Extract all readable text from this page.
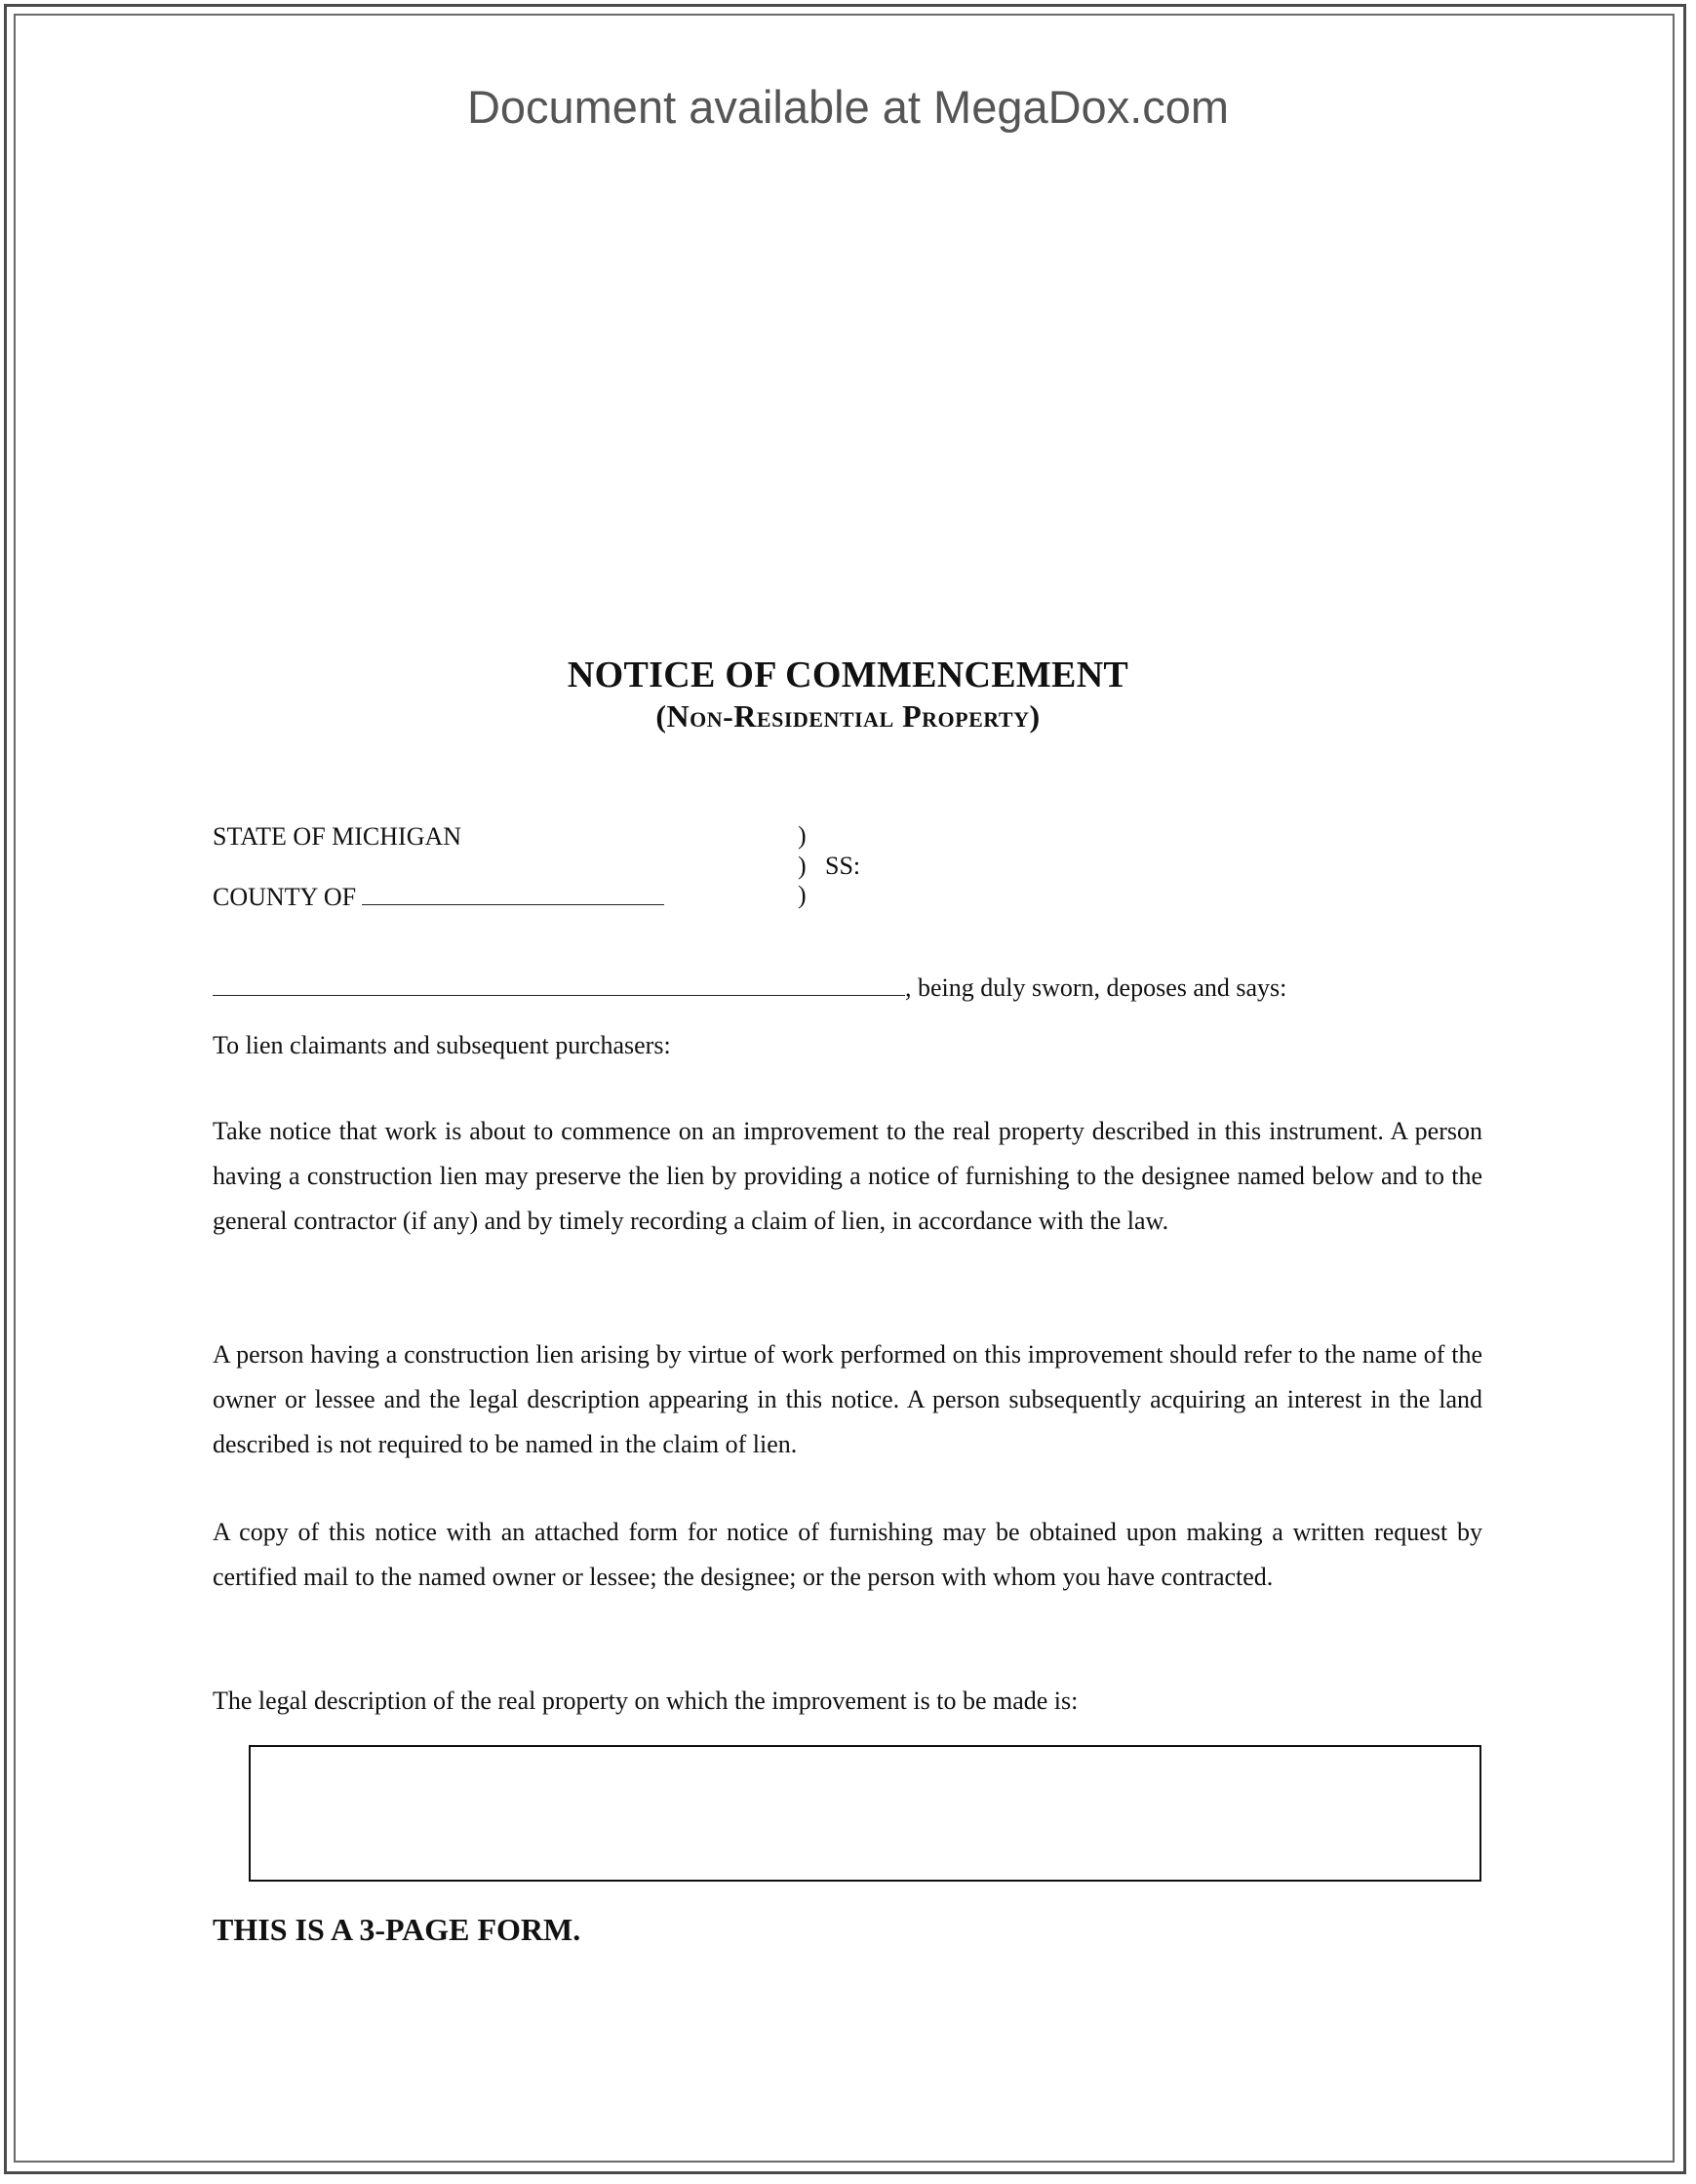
Document available at MegaDox.com
NOTICE OF COMMENCEMENT
(Non-Residential Property)
STATE OF MICHIGAN
COUNTY OF
)
)
)
SS:
, being duly sworn, deposes and says:
To lien claimants and subsequent purchasers:
Take notice that work is about to commence on an improvement to the real property described in this instrument. A person having a construction lien may preserve the lien by providing a notice of furnishing to the designee named below and to the general contractor (if any) and by timely recording a claim of lien, in accordance with the law.
A person having a construction lien arising by virtue of work performed on this improvement should refer to the name of the owner or lessee and the legal description appearing in this notice. A person subsequently acquiring an interest in the land described is not required to be named in the claim of lien.
A copy of this notice with an attached form for notice of furnishing may be obtained upon making a written request by certified mail to the named owner or lessee; the designee; or the person with whom you have contracted.
The legal description of the real property on which the improvement is to be made is:
THIS IS A 3-PAGE FORM.
